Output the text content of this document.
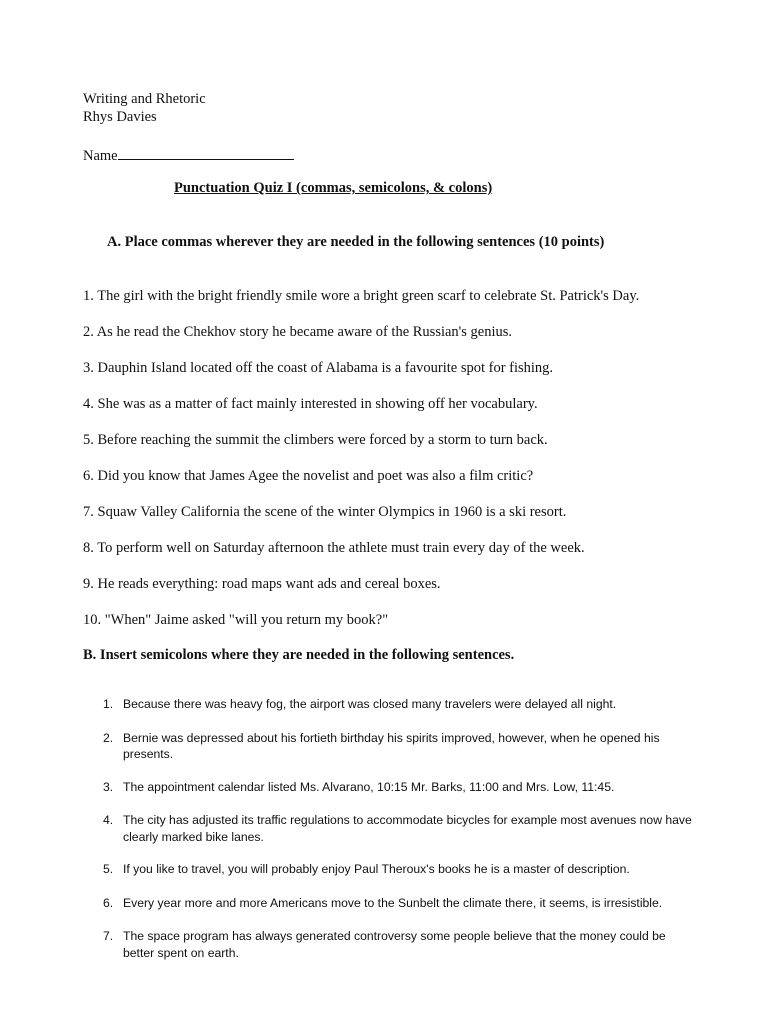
Writing and Rhetoric
Rhys Davies
Name
Punctuation Quiz I (commas, semicolons, & colons)
A. Place commas wherever they are needed in the following sentences (10 points)
1. The girl with the bright friendly smile wore a bright green scarf to celebrate St. Patrick's Day.
2. As he read the Chekhov story he became aware of the Russian's genius.
3. Dauphin Island located off the coast of Alabama is a favourite spot for fishing.
4. She was as a matter of fact mainly interested in showing off her vocabulary.
5. Before reaching the summit the climbers were forced by a storm to turn back.
6. Did you know that James Agee the novelist and poet was also a film critic?
7. Squaw Valley California the scene of the winter Olympics in 1960 is a ski resort.
8. To perform well on Saturday afternoon the athlete must train every day of the week.
9. He reads everything: road maps want ads and cereal boxes.
10. "When" Jaime asked "will you return my book?"
B. Insert semicolons where they are needed in the following sentences.
1. Because there was heavy fog, the airport was closed many travelers were delayed all night.
2. Bernie was depressed about his fortieth birthday his spirits improved, however, when he opened his presents.
3. The appointment calendar listed Ms. Alvarano, 10:15 Mr. Barks, 11:00 and Mrs. Low, 11:45.
4. The city has adjusted its traffic regulations to accommodate bicycles for example most avenues now have clearly marked bike lanes.
5. If you like to travel, you will probably enjoy Paul Theroux's books he is a master of description.
6. Every year more and more Americans move to the Sunbelt the climate there, it seems, is irresistible.
7. The space program has always generated controversy some people believe that the money could be better spent on earth.
